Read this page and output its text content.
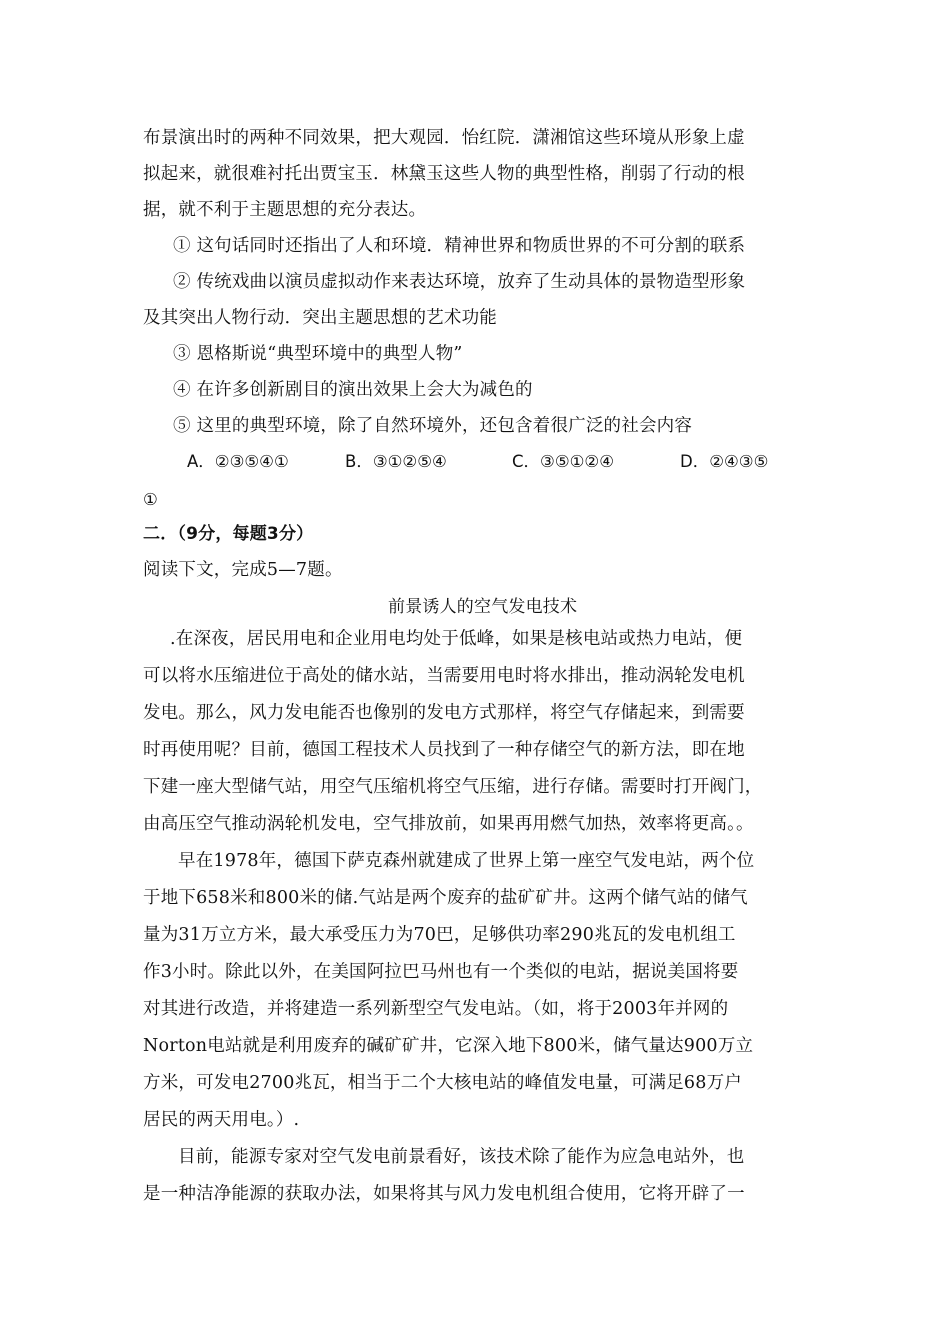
布景演出时的两种不同效果，把大观园．怡红院．潇湘馆这些环境从形象上虚
拟起来，就很难衬托出贾宝玉．林黛玉这些人物的典型性格，削弱了行动的根
据，就不利于主题思想的充分表达。
① 这句话同时还指出了人和环境．精神世界和物质世界的不可分割的联系
② 传统戏曲以演员虚拟动作来表达环境，放弃了生动具体的景物造型形象
及其突出人物行动．突出主题思想的艺术功能
③ 恩格斯说“典型环境中的典型人物”
④ 在许多创新剧目的演出效果上会大为减色的
⑤ 这里的典型环境，除了自然环境外，还包含着很广泛的社会内容
A．②③⑤④①	B．③①②⑤④	C．③⑤①②④	D．②④③⑤
①
二．（9分，每题3分）
阅读下文，完成5—7题。
前景诱人的空气发电技术
.在深夜，居民用电和企业用电均处于低峰，如果是核电站或热力电站，便
可以将水压缩进位于高处的储水站，当需要用电时将水排出，推动涡轮发电机
发电。那么，风力发电能否也像别的发电方式那样，将空气存储起来，到需要
时再使用呢？目前，德国工程技术人员找到了一种存储空气的新方法，即在地
下建一座大型储气站，用空气压缩机将空气压缩，进行存储。需要时打开阀门，
由高压空气推动涡轮机发电，空气排放前，如果再用燃气加热，效率将更高。。
早在1978年，德国下萨克森州就建成了世界上第一座空气发电站，两个位
于地下658米和800米的储.气站是两个废弃的盐矿矿井。这两个储气站的储气
量为31万立方米，最大承受压力为70巴，足够供功率290兆瓦的发电机组工
作3小时。除此以外，在美国阿拉巴马州也有一个类似的电站，据说美国将要
对其进行改造，并将建造一系列新型空气发电站。（如，将于2003年并网的
Norton电站就是利用废弃的碱矿矿井，它深入地下800米，储气量达900万立
方米，可发电2700兆瓦，相当于二个大核电站的峰值发电量，可满足68万户
居民的两天用电。）.
目前，能源专家对空气发电前景看好，该技术除了能作为应急电站外，也
是一种洁净能源的获取办法，如果将其与风力发电机组合使用，它将开辟了一
